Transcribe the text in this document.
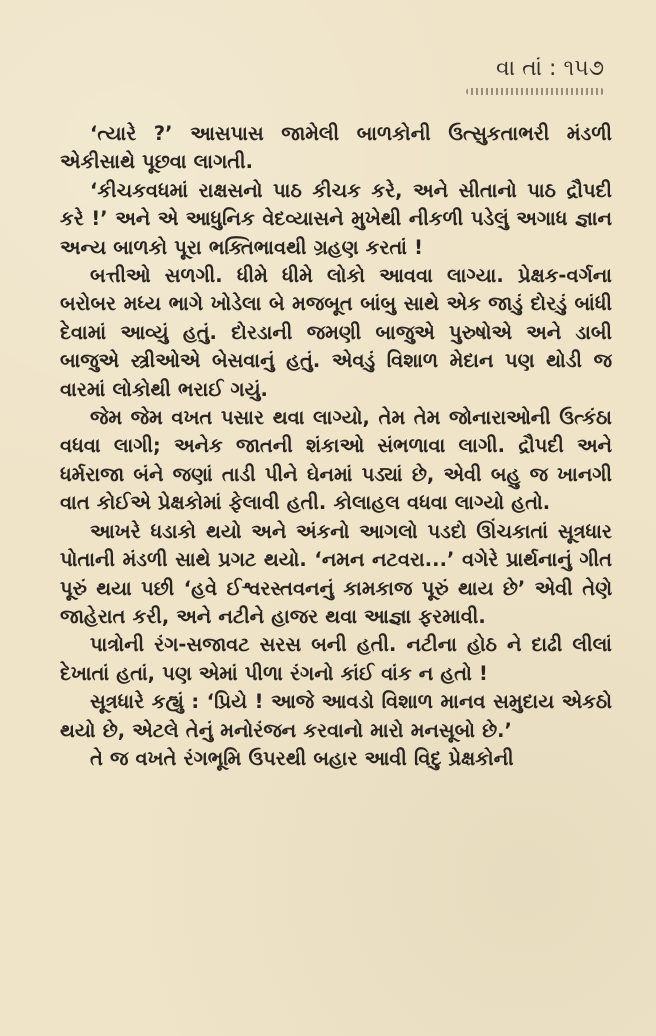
વા તાં : ૧૫૭

‘ત્યારે ?’ આસપાસ જામેલી બાળકોની ઉત્સુકતાભરી મંડળી એકીસાથે પૂછવા લાગતી.

‘કીચકવધમાં રાક્ષસનો પાઠ કીચક કરે, અને સીતાનો પાઠ દ્રૌપદી કરે !’ અને એ આધુનિક વેદવ્યાસને મુખેથી નીકળી પડેલું અગાધ જ્ઞાન અન્ય બાળકો પૂરા ભક્તિભાવથી ગ્રહણ કરતાં !

બત્તીઓ સળગી. ધીમે ધીમે લોકો આવવા લાગ્યા. પ્રેક્ષક-વર્ગના બરોબર મધ્ય ભાગે ખોડેલા બે મજબૂત બાંબુ સાથે એક જાડું દોરડું બાંધી દેવામાં આવ્યું હતું. દોરડાની જમણી બાજુએ પુરુષોએ અને ડાબી બાજુએ સ્ત્રીઓએ બેસવાનું હતું. એવડું વિશાળ મેદાન પણ થોડી જ વારમાં લોકોથી ભરાઈ ગયું.

જેમ જેમ વખત પસાર થવા લાગ્યો, તેમ તેમ જોનારાઓની ઉત્કંઠા વધવા લાગી; અનેક જાતની શંકાઓ સંભળાવા લાગી. દ્રૌપદી અને ધર્મરાજા બંને જણાં તાડી પીને ઘેનમાં પડ્યાં છે, એવી બહુ જ ખાનગી વાત કોઈએ પ્રેક્ષકોમાં ફેલાવી હતી. કોલાહલ વધવા લાગ્યો હતો.

આખરે ધડાકો થયો અને અંકનો આગલો પડદો ઊંચકાતાં સૂત્રધાર પોતાની મંડળી સાથે પ્રગટ થયો. ‘નમન નટવરા...’ વગેરે પ્રાર્થનાનું ગીત પૂરું થયા પછી ‘હવે ઈશ્વરસ્તવનનું કામકાજ પૂરું થાય છે’ એવી તેણે જાહેરાત કરી, અને નટીને હાજર થવા આજ્ઞા ફરમાવી.

પાત્રોની રંગ-સજાવટ સરસ બની હતી. નટીના હોઠ ને દાઢી લીલાં દેખાતાં હતાં, પણ એમાં પીળા રંગનો કાંઈ વાંક ન હતો !

સૂત્રધારે કહ્યું : ‘પ્રિયે ! આજે આવડો વિશાળ માનવ સમુદાય એકઠો થયો છે, એટલે તેનું મનોરંજન કરવાનો મારો મનસૂબો છે.’

તે જ વખતે રંગભૂમિ ઉપરથી બહાર આવી વિદુ પ્રેક્ષકોની
